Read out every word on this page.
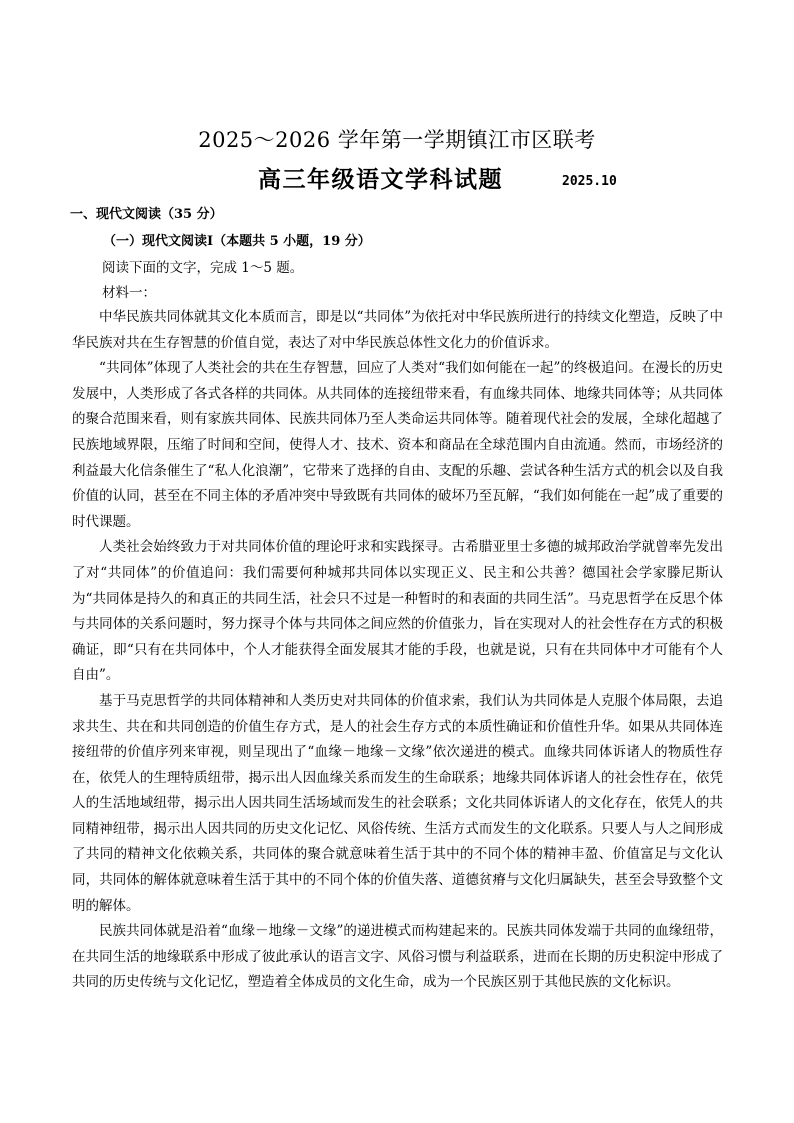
2025～2026 学年第一学期镇江市区联考
高三年级语文学科试题	2025.10
一、现代文阅读（35 分）
（一）现代文阅读Ⅰ（本题共 5 小题，19 分）
阅读下面的文字，完成 1～5 题。
材料一：

中华民族共同体就其文化本质而言，即是以“共同体”为依托对中华民族所进行的持续文化塑造，反映了中华民族对共在生存智慧的价值自觉，表达了对中华民族总体性文化力的价值诉求。

“共同体”体现了人类社会的共在生存智慧，回应了人类对“我们如何能在一起”的终极追问。在漫长的历史发展中，人类形成了各式各样的共同体。从共同体的连接纽带来看，有血缘共同体、地缘共同体等；从共同体的聚合范围来看，则有家族共同体、民族共同体乃至人类命运共同体等。随着现代社会的发展，全球化超越了民族地域界限，压缩了时间和空间，使得人才、技术、资本和商品在全球范围内自由流通。然而，市场经济的利益最大化信条催生了“私人化浪潮”，它带来了选择的自由、支配的乐趣、尝试各种生活方式的机会以及自我价值的认同，甚至在不同主体的矛盾冲突中导致既有共同体的破坏乃至瓦解，“我们如何能在一起”成了重要的时代课题。

人类社会始终致力于对共同体价值的理论吁求和实践探寻。古希腊亚里士多德的城邦政治学就曾率先发出了对“共同体”的价值追问：我们需要何种城邦共同体以实现正义、民主和公共善？德国社会学家滕尼斯认为“共同体是持久的和真正的共同生活，社会只不过是一种暂时的和表面的共同生活”。马克思哲学在反思个体与共同体的关系问题时，努力探寻个体与共同体之间应然的价值张力，旨在实现对人的社会性存在方式的积极确证，即“只有在共同体中，个人才能获得全面发展其才能的手段，也就是说，只有在共同体中才可能有个人自由”。

基于马克思哲学的共同体精神和人类历史对共同体的价值求索，我们认为共同体是人克服个体局限，去追求共生、共在和共同创造的价值生存方式，是人的社会生存方式的本质性确证和价值性升华。如果从共同体连接纽带的价值序列来审视，则呈现出了“血缘－地缘－文缘”依次递进的模式。血缘共同体诉诸人的物质性存在，依凭人的生理特质纽带，揭示出人因血缘关系而发生的生命联系；地缘共同体诉诸人的社会性存在，依凭人的生活地域纽带，揭示出人因共同生活场域而发生的社会联系；文化共同体诉诸人的文化存在，依凭人的共同精神纽带，揭示出人因共同的历史文化记忆、风俗传统、生活方式而发生的文化联系。只要人与人之间形成了共同的精神文化依赖关系，共同体的聚合就意味着生活于其中的不同个体的精神丰盈、价值富足与文化认同，共同体的解体就意味着生活于其中的不同个体的价值失落、道德贫瘠与文化归属缺失，甚至会导致整个文明的解体。

民族共同体就是沿着“血缘－地缘－文缘”的递进模式而构建起来的。民族共同体发端于共同的血缘纽带，在共同生活的地缘联系中形成了彼此承认的语言文字、风俗习惯与利益联系，进而在长期的历史积淀中形成了共同的历史传统与文化记忆，塑造着全体成员的文化生命，成为一个民族区别于其他民族的文化标识。
